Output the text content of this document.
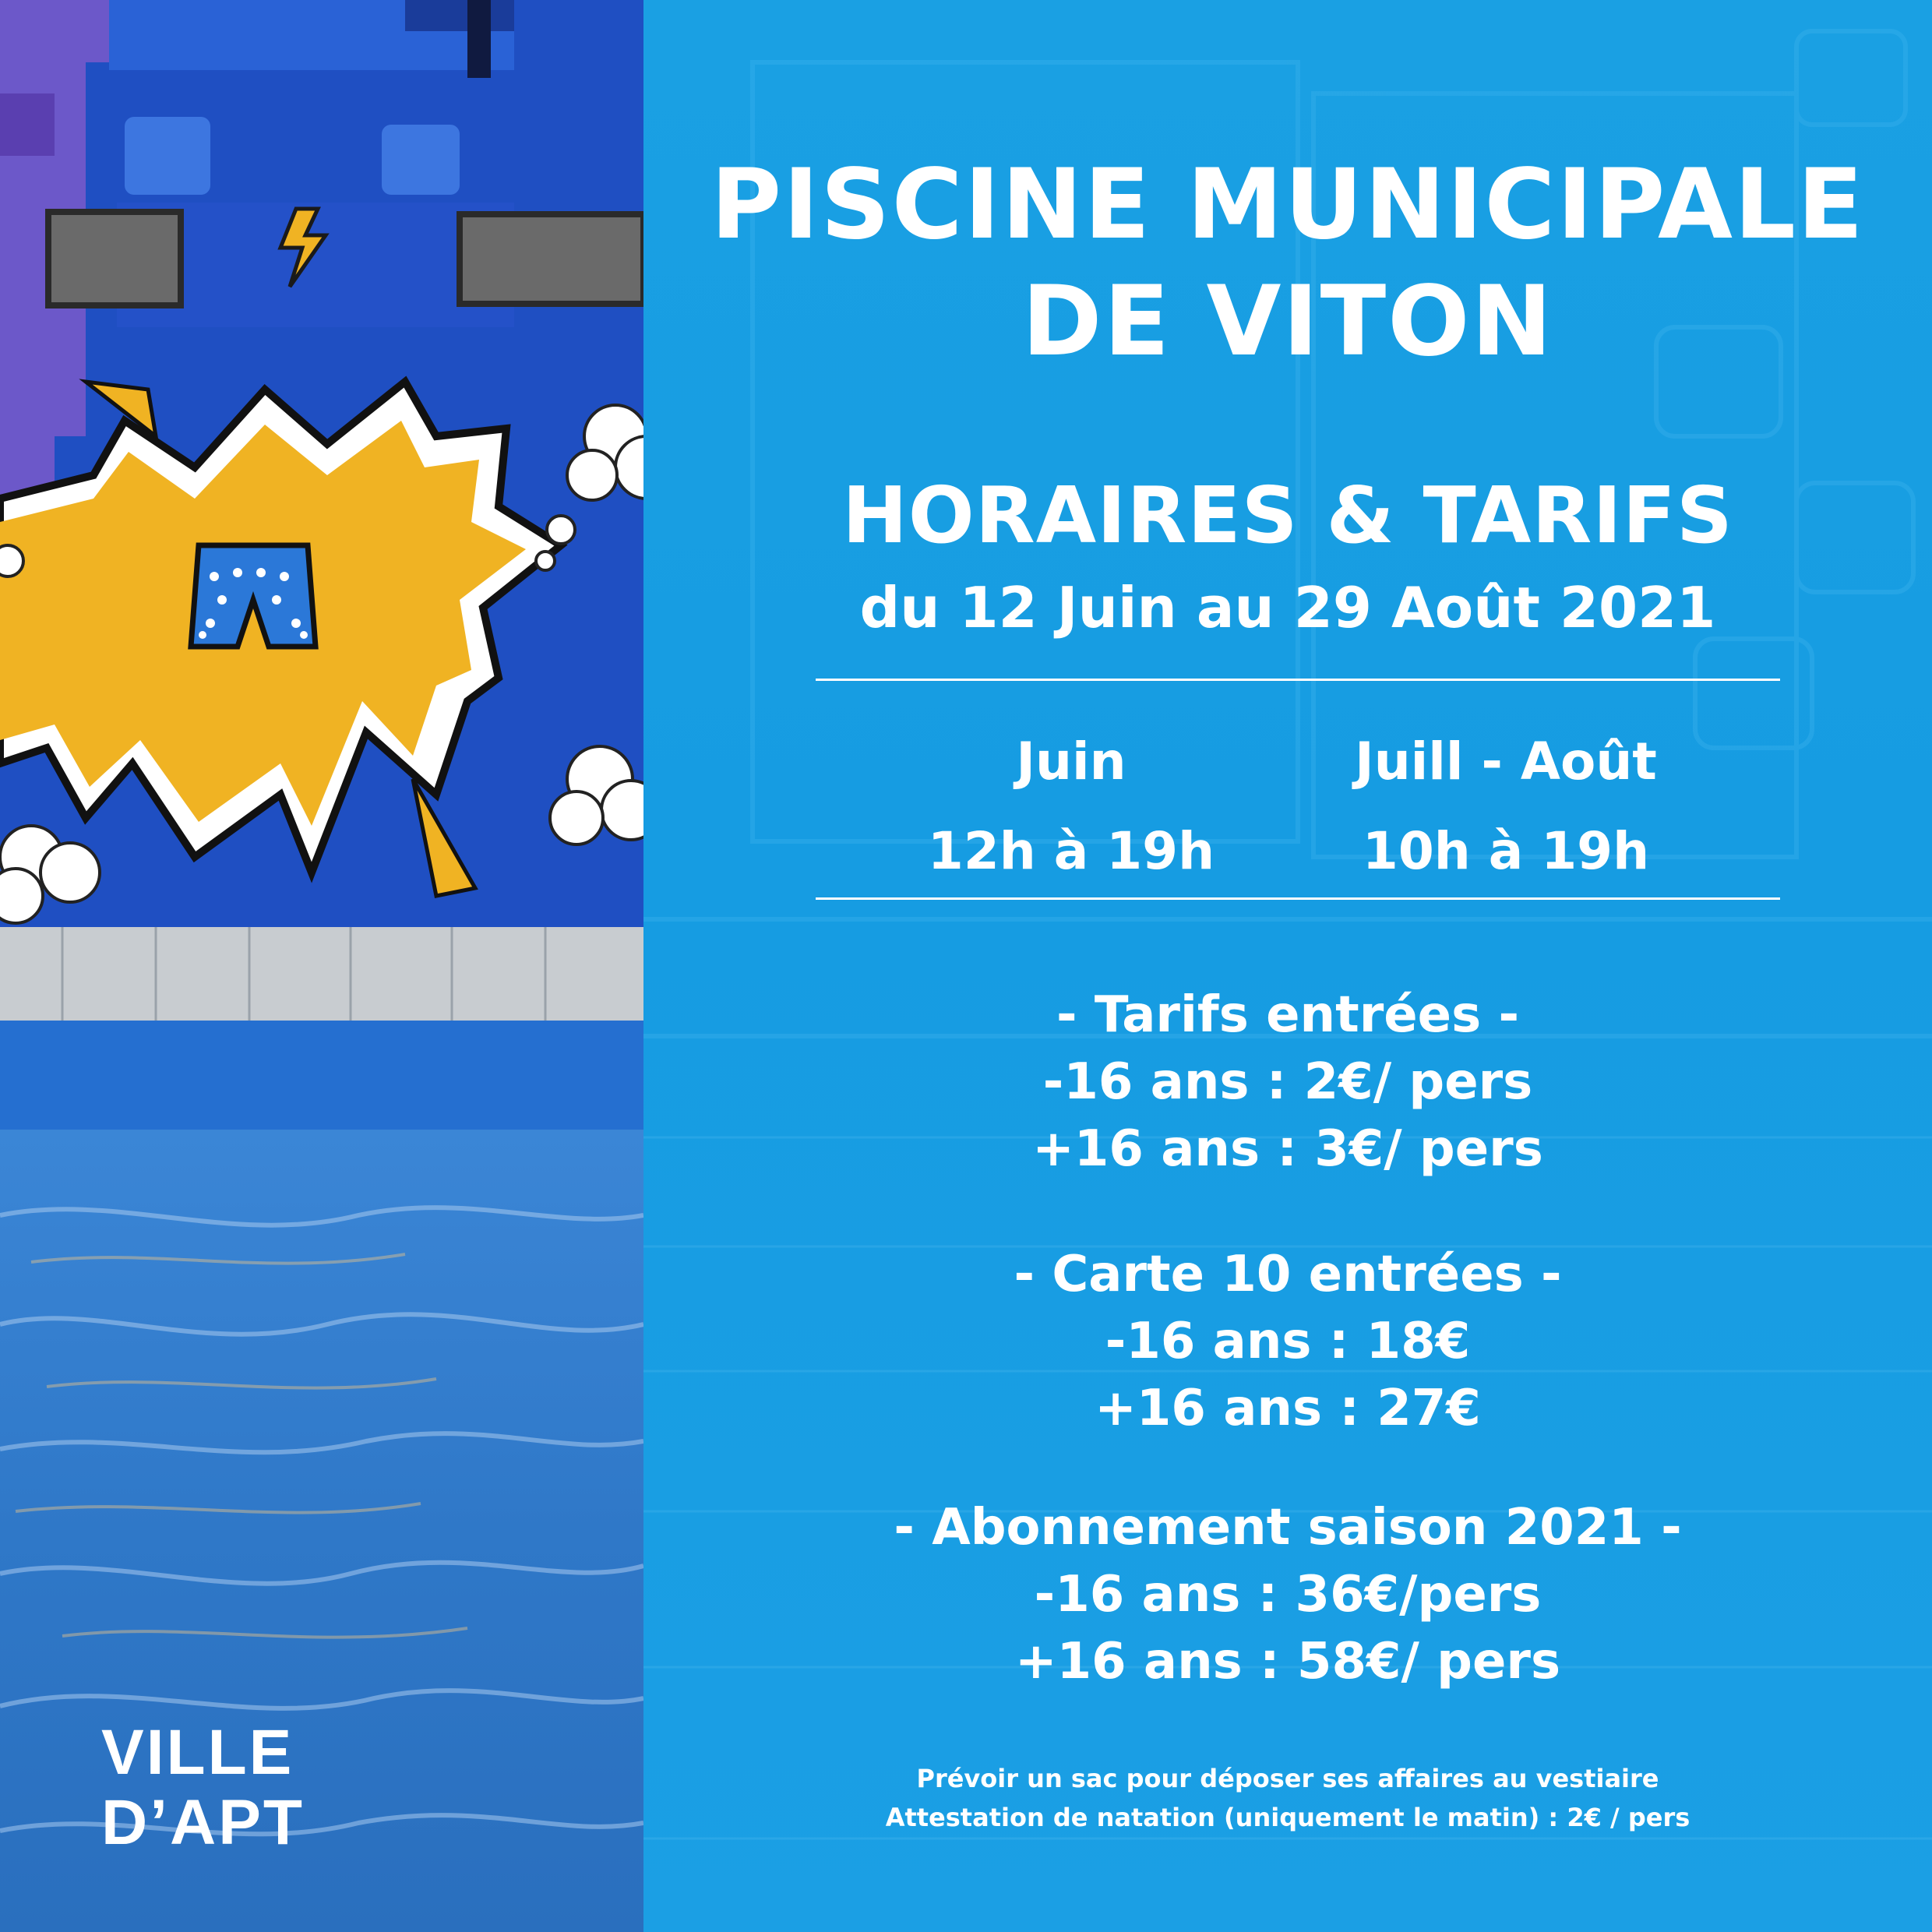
PISCINE MUNICIPALE
DE VITON
HORAIRES & TARIFS
du 12 Juin au 29 Août 2021
Juin
12h à 19h
Juill - Août
10h à 19h
- Tarifs entrées -
-16 ans : 2€/ pers
+16 ans : 3€/ pers
- Carte 10 entrées -
-16 ans : 18€
+16 ans : 27€
- Abonnement saison 2021 -
-16 ans : 36€/pers
+16 ans : 58€/ pers
Prévoir un sac pour déposer ses affaires au vestiaire
Attestation de natation (uniquement le matin) : 2€ / pers
VILLE
D’APT
